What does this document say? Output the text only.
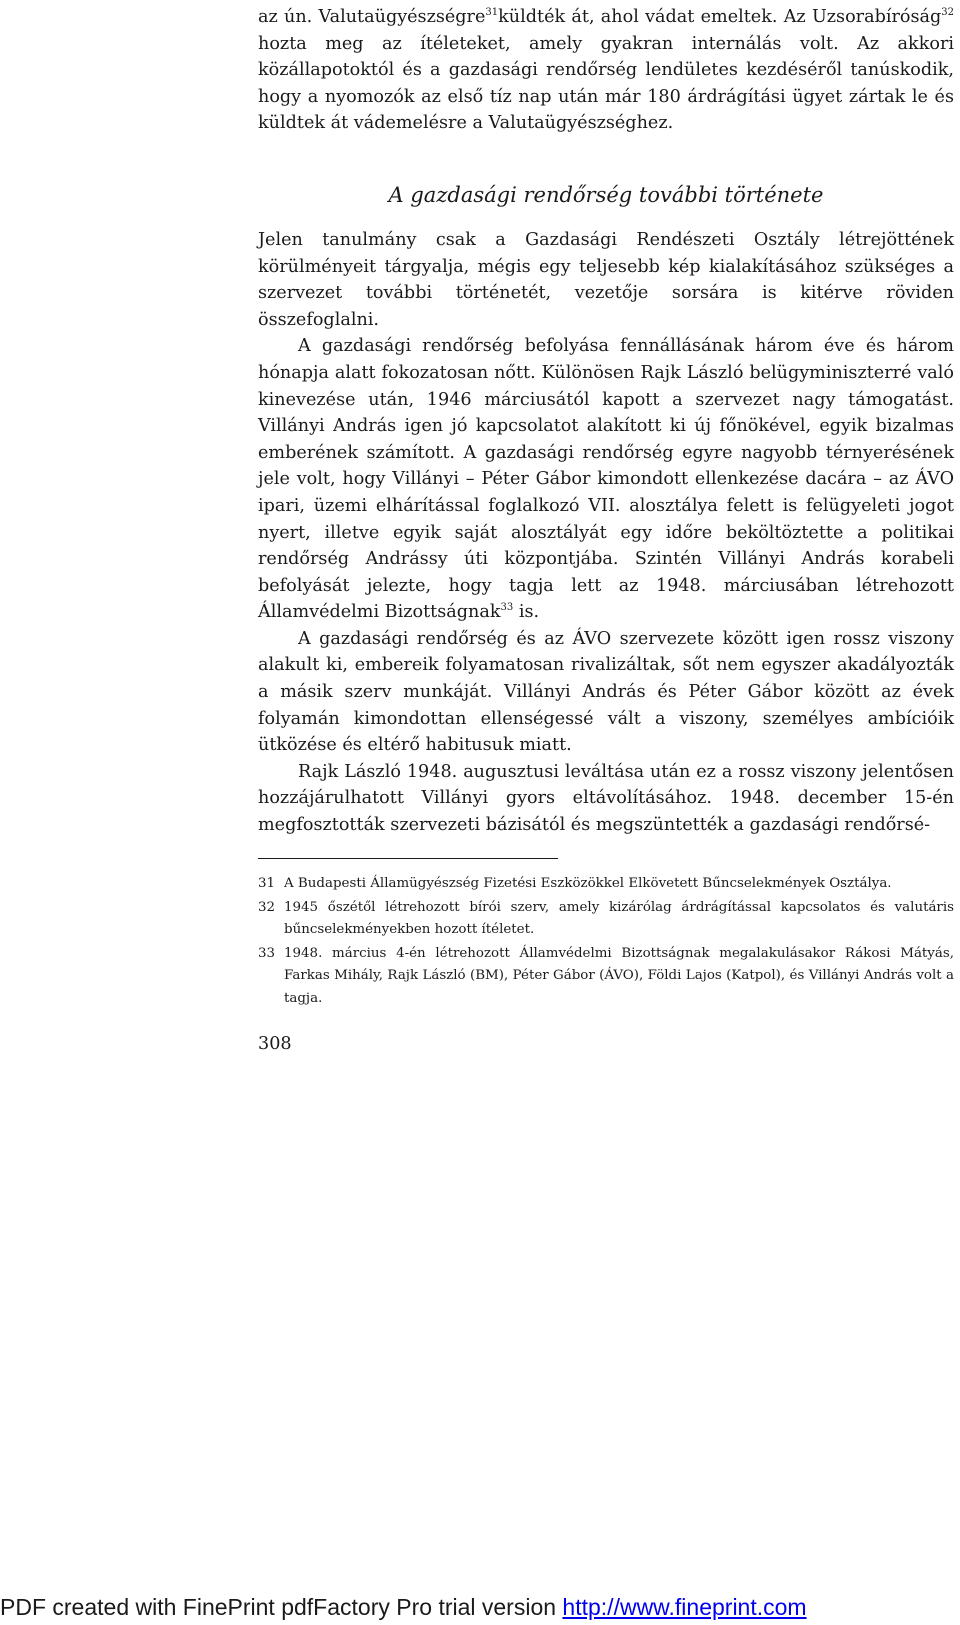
az ún. Valutaügyészségre$^{31}$küldték át, ahol vádat emeltek. Az Uzsorabíróság$^{32}$ hozta meg az ítéleteket, amely gyakran internálás volt. Az akkori közállapotoktól és a gazdasági rendőrség lendületes kezdéséről tanúskodik, hogy a nyomozók az első tíz nap után már 180 árdrágítási ügyet zártak le és küldtek át vádemelésre a Valutaügyészséghez.

A gazdasági rendőrség további története

Jelen tanulmány csak a Gazdasági Rendészeti Osztály létrejöttének körülményeit tárgyalja, mégis egy teljesebb kép kialakításához szükséges a szervezet további történetét, vezetője sorsára is kitérve röviden összefoglalni.

A gazdasági rendőrség befolyása fennállásának három éve és három hónapja alatt fokozatosan nőtt. Különösen Rajk László belügyminiszterré való kinevezése után, 1946 márciusától kapott a szervezet nagy támogatást. Villányi András igen jó kapcsolatot alakított ki új főnökével, egyik bizalmas emberének számított. A gazdasági rendőrség egyre nagyobb térnyerésének jele volt, hogy Villányi – Péter Gábor kimondott ellenkezése dacára – az ÁVO ipari, üzemi elhárítással foglalkozó VII. alosztálya felett is felügyeleti jogot nyert, illetve egyik saját alosztályát egy időre beköltöztette a politikai rendőrség Andrássy úti központjába. Szintén Villányi András korabeli befolyását jelezte, hogy tagja lett az 1948. márciusában létrehozott Államvédelmi Bizottságnak$^{33}$ is.

A gazdasági rendőrség és az ÁVO szervezete között igen rossz viszony alakult ki, embereik folyamatosan rivalizáltak, sőt nem egyszer akadályozták a másik szerv munkáját. Villányi András és Péter Gábor között az évek folyamán kimondottan ellenségessé vált a viszony, személyes ambícióik ütközése és eltérő habitusuk miatt.

Rajk László 1948. augusztusi leváltása után ez a rossz viszony jelentősen hozzájárulhatott Villányi gyors eltávolításához. 1948. december 15-én megfosztották szervezeti bázisától és megszüntették a gazdasági rendőrsé-

31 A Budapesti Államügyészség Fizetési Eszközökkel Elkövetett Bűncselekmények Osztálya.
32 1945 őszétől létrehozott bírói szerv, amely kizárólag árdrágítással kapcsolatos és valutáris bűncselekményekben hozott ítéletet.
33 1948. március 4-én létrehozott Államvédelmi Bizottságnak megalakulásakor Rákosi Mátyás, Farkas Mihály, Rajk László (BM), Péter Gábor (ÁVO), Földi Lajos (Katpol), és Villányi András volt a tagja.
308
PDF created with FinePrint pdfFactory Pro trial version http://www.fineprint.com
